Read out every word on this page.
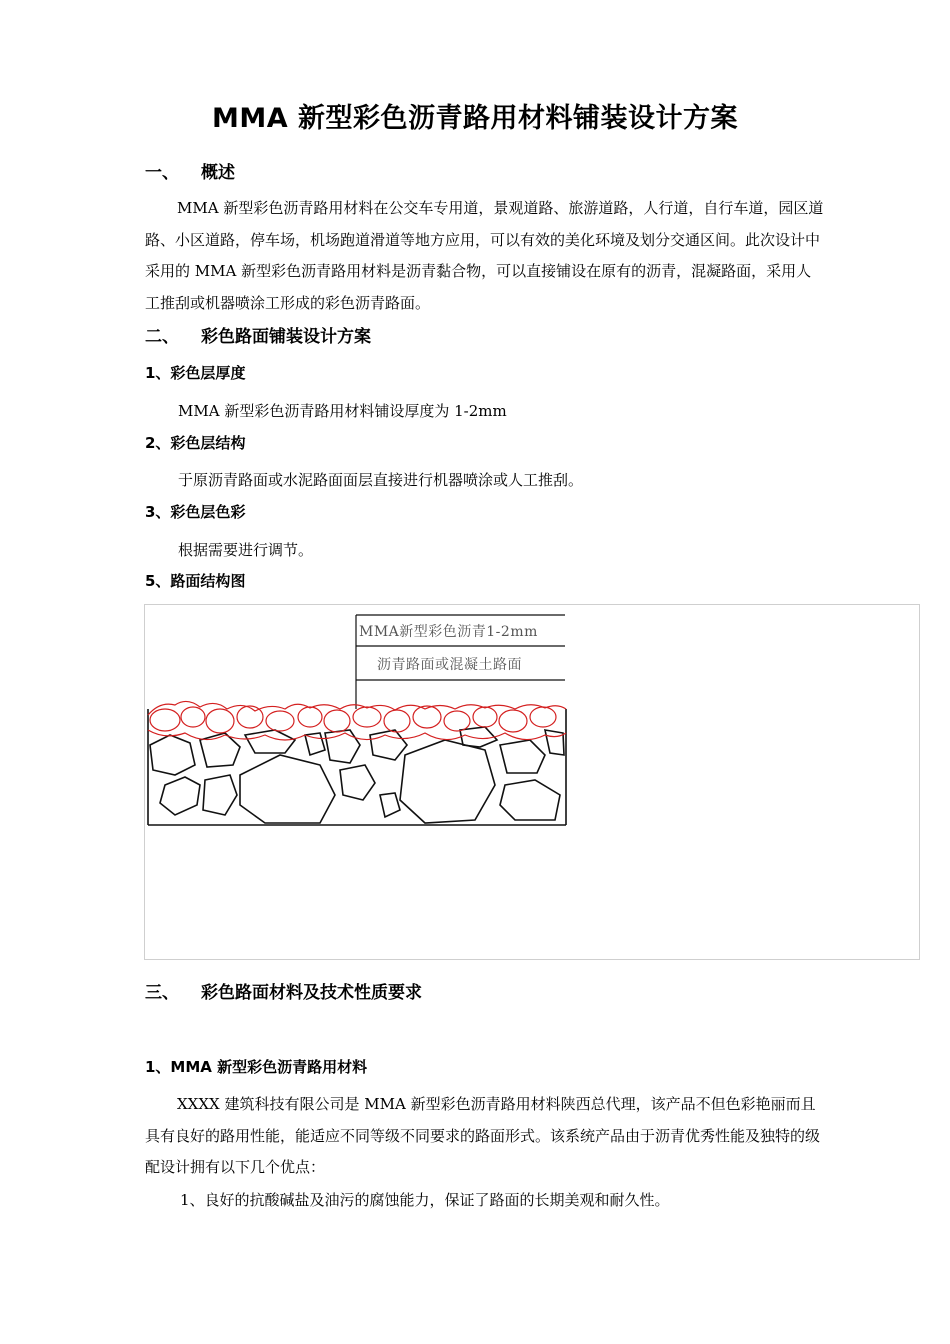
MMA 新型彩色沥青路用材料铺装设计方案
一、 概述

MMA 新型彩色沥青路用材料在公交车专用道，景观道路、旅游道路，人行道，自行车道，园区道路、小区道路，停车场，机场跑道滑道等地方应用，可以有效的美化环境及划分交通区间。此次设计中采用的 MMA 新型彩色沥青路用材料是沥青黏合物，可以直接铺设在原有的沥青，混凝路面，采用人工推刮或机器喷涂工形成的彩色沥青路面。

二、 彩色路面铺装设计方案
1、彩色层厚度
MMA 新型彩色沥青路用材料铺设厚度为 1-2mm
2、彩色层结构
于原沥青路面或水泥路面面层直接进行机器喷涂或人工推刮。
3、彩色层色彩
根据需要进行调节。
5、路面结构图
MMA新型彩色沥青1-2mm
沥青路面或混凝土路面
三、 彩色路面材料及技术性质要求
1、MMA 新型彩色沥青路用材料

XXXX 建筑科技有限公司是 MMA 新型彩色沥青路用材料陕西总代理，该产品不但色彩艳丽而且具有良好的路用性能，能适应不同等级不同要求的路面形式。该系统产品由于沥青优秀性能及独特的级配设计拥有以下几个优点：

1、良好的抗酸碱盐及油污的腐蚀能力，保证了路面的长期美观和耐久性。
